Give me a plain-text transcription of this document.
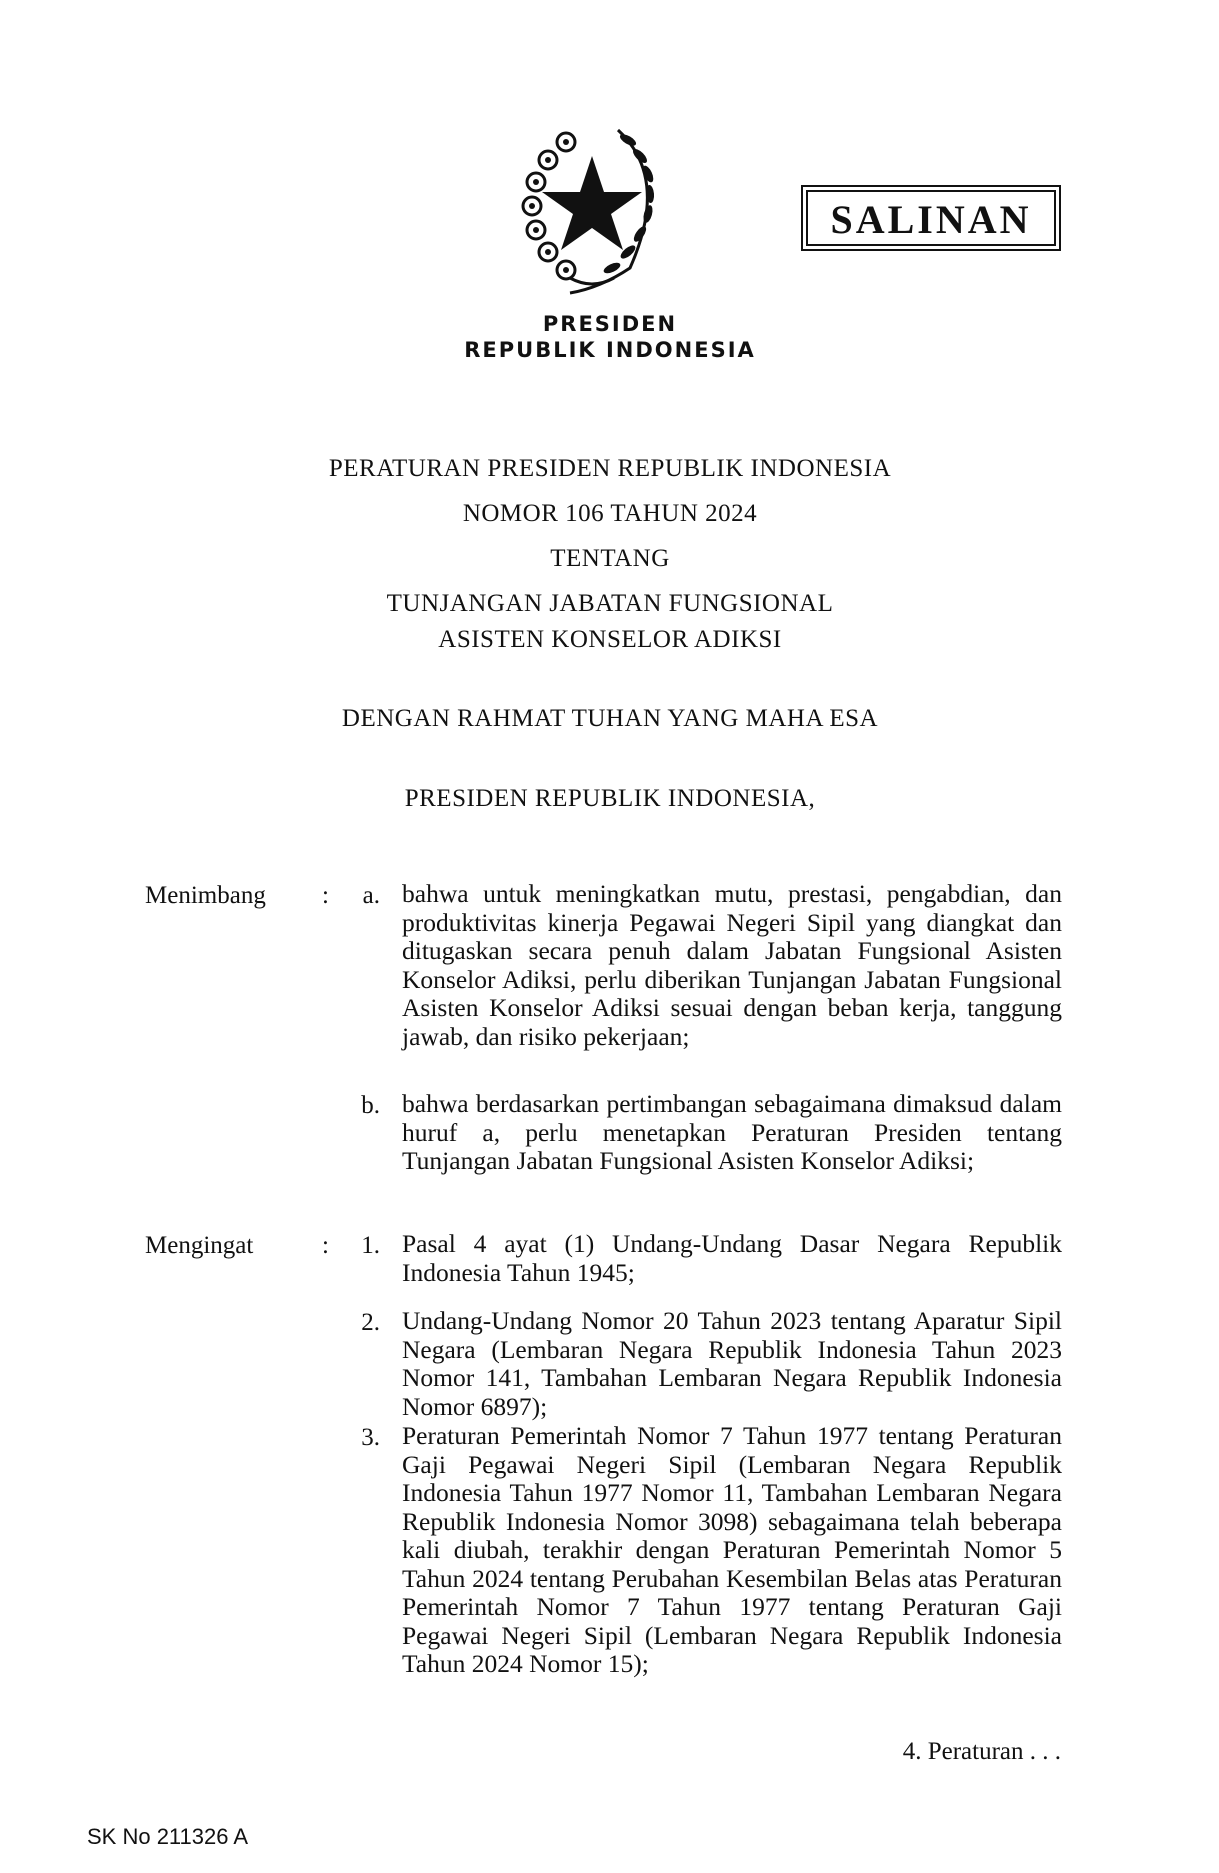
SALINAN
PRESIDEN
REPUBLIK INDONESIA
PERATURAN PRESIDEN REPUBLIK INDONESIA
NOMOR 106 TAHUN 2024
TENTANG
TUNJANGAN JABATAN FUNGSIONAL
ASISTEN KONSELOR ADIKSI
DENGAN RAHMAT TUHAN YANG MAHA ESA
PRESIDEN REPUBLIK INDONESIA,
Menimbang :	a. bahwa untuk meningkatkan mutu, prestasi, pengabdian, dan produktivitas kinerja Pegawai Negeri Sipil yang diangkat dan ditugaskan secara penuh dalam Jabatan Fungsional Asisten Konselor Adiksi, perlu diberikan Tunjangan Jabatan Fungsional Asisten Konselor Adiksi sesuai dengan beban kerja, tanggung jawab, dan risiko pekerjaan;

b. bahwa berdasarkan pertimbangan sebagaimana dimaksud dalam huruf a, perlu menetapkan Peraturan Presiden tentang Tunjangan Jabatan Fungsional Asisten Konselor Adiksi;

Mengingat	:	1. Pasal 4 ayat (1) Undang-Undang Dasar Negara Republik Indonesia Tahun 1945;

2. Undang-Undang Nomor 20 Tahun 2023 tentang Aparatur Sipil Negara (Lembaran Negara Republik Indonesia Tahun 2023 Nomor 141, Tambahan Lembaran Negara Republik Indonesia Nomor 6897);

3. Peraturan Pemerintah Nomor 7 Tahun 1977 tentang Peraturan Gaji Pegawai Negeri Sipil (Lembaran Negara Republik Indonesia Tahun 1977 Nomor 11, Tambahan Lembaran Negara Republik Indonesia Nomor 3098) sebagaimana telah beberapa kali diubah, terakhir dengan Peraturan Pemerintah Nomor 5 Tahun 2024 tentang Perubahan Kesembilan Belas atas Peraturan Pemerintah Nomor 7 Tahun 1977 tentang Peraturan Gaji Pegawai Negeri Sipil (Lembaran Negara Republik Indonesia Tahun 2024 Nomor 15);

4. Peraturan . . .
SK No 211326 A
